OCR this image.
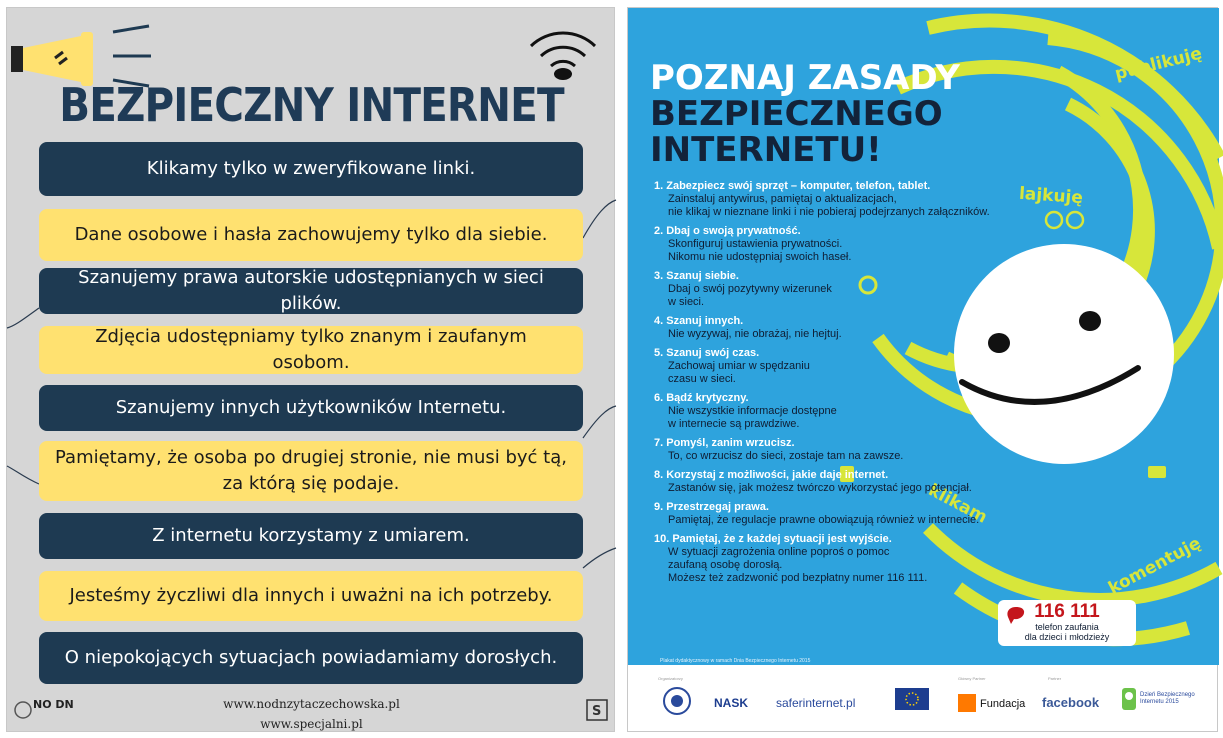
BEZPIECZNY INTERNET
Klikamy tylko w zweryfikowane linki.
Dane osobowe i hasła zachowujemy tylko dla siebie.
Szanujemy prawa autorskie udostępnianych w sieci plików.
Zdjęcia udostępniamy tylko znanym i zaufanym osobom.
Szanujemy innych użytkowników Internetu.
Pamiętamy, że osoba po drugiej stronie, nie musi być tą, za którą się podaje.
Z internetu korzystamy z umiarem.
Jesteśmy życzliwi dla innych i uważni na ich potrzeby.
O niepokojących sytuacjach powiadamiamy dorosłych.
NO DN	www.nodnzytaczechowska.pl
www.specjalni.pl
S
publikuję
lajkuję
klikam
komentuję
POZNAJ ZASADY
BEZPIECZNEGO
INTERNETU!
1. Zabezpiecz swój sprzęt – komputer, telefon, tablet.
Zainstaluj antywirus, pamiętaj o aktualizacjach,
nie klikaj w nieznane linki i nie pobieraj podejrzanych załączników.
2. Dbaj o swoją prywatność.
Skonfiguruj ustawienia prywatności.
Nikomu nie udostępniaj swoich haseł.
3. Szanuj siebie.
Dbaj o swój pozytywny wizerunek
w sieci.
4. Szanuj innych.
Nie wyzywaj, nie obrażaj, nie hejtuj.
5. Szanuj swój czas.
Zachowaj umiar w spędzaniu
czasu w sieci.
6. Bądź krytyczny.
Nie wszystkie informacje dostępne
w internecie są prawdziwe.
7. Pomyśl, zanim wrzucisz.
To, co wrzucisz do sieci, zostaje tam na zawsze.
8. Korzystaj z możliwości, jakie daje internet.
Zastanów się, jak możesz twórczo wykorzystać jego potencjał.
9. Przestrzegaj prawa.
Pamiętaj, że regulacje prawne obowiązują również w internecie.
10. Pamiętaj, że z każdej sytuacji jest wyjście.
W sytuacji zagrożenia online poproś o pomoc
zaufaną osobę dorosłą.
Możesz też zadzwonić pod bezpłatny numer 116 111.
116 111
telefon zaufania
dla dzieci i młodzieży
Plakat dydaktycznowy w ramach Dnia Bezpiecznego Internetu 2015
Organizatorzy	Główny Partner	Partner
NASK saferinternet.pl	Fundacja facebook	Dzień Bezpiecznego Internetu 2015
